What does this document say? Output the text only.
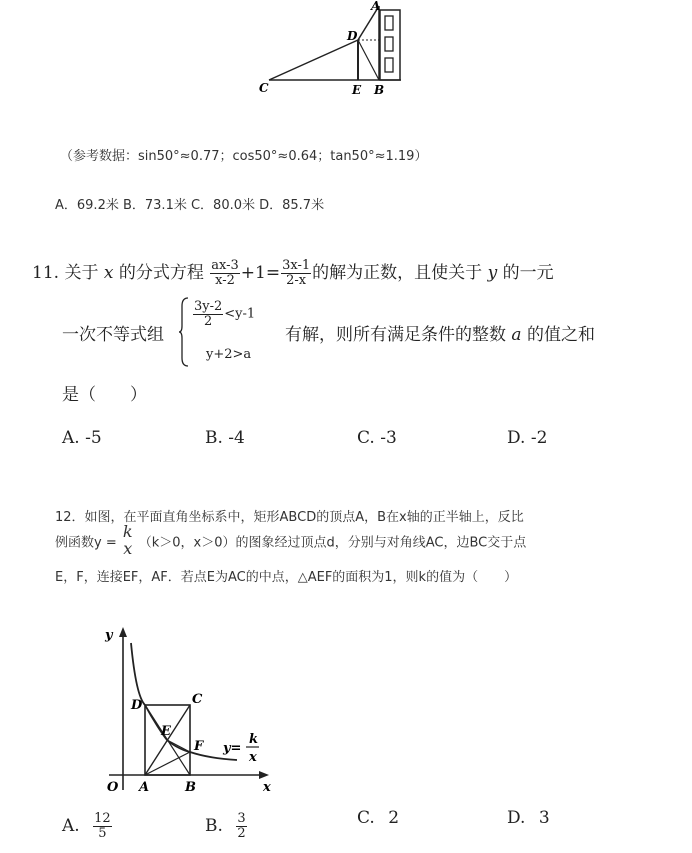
A
D
C	E B
（参考数据：sin50°≈0.77；cos50°≈0.64；tan50°≈1.19）
A．69.2米 B．73.1米 C．80.0米 D．85.7米
11. 关于 x 的分式方程 $\frac{ax-3}{x-2} +1= \frac{3x-1}{2-x}$ 的解为正数，且使关于 y 的一元
一次不等式组
$\frac{3y-2}{2} <y-1$
y+2>a
有解，则所有满足条件的整数 a 的值之和
是（　　）
A. -5	B. -4	C. -3	D. -2
12．如图，在平面直角坐标系中，矩形ABCD的顶点A，B在x轴的正半轴上，反比
例函数y =
k
x （k＞0，x＞0）的图象经过顶点d，分别与对角线AC，边BC交于点
E，F，连接EF，AF．若点E为AC的中点，△AEF的面积为1，则k的值为（　　）
y
x
O A	B
C
D
E
F y=
k
x
A. $\frac{12}{5}$	B. $\frac{3}{2}$	C. 2	D. 3
